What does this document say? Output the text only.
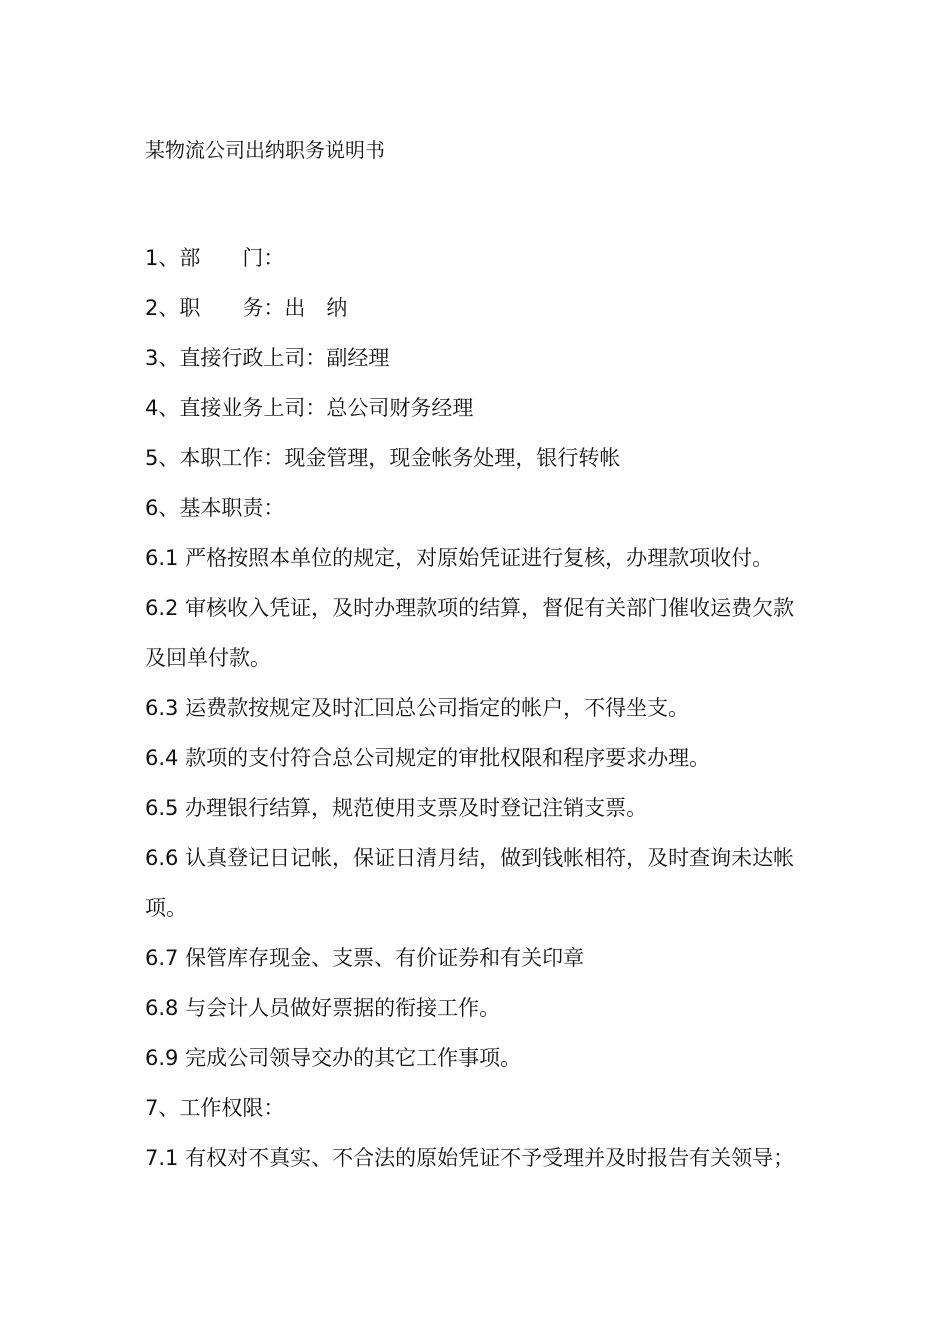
某物流公司出纳职务说明书
1、部　　门：
2、职　　务：出　纳
3、直接行政上司：副经理
4、直接业务上司：总公司财务经理
5、本职工作：现金管理，现金帐务处理，银行转帐
6、基本职责：
6.1 严格按照本单位的规定，对原始凭证进行复核，办理款项收付。
6.2 审核收入凭证，及时办理款项的结算，督促有关部门催收运费欠款及回单付款。
6.3 运费款按规定及时汇回总公司指定的帐户，不得坐支。
6.4 款项的支付符合总公司规定的审批权限和程序要求办理。
6.5 办理银行结算，规范使用支票及时登记注销支票。
6.6 认真登记日记帐，保证日清月结，做到钱帐相符，及时查询未达帐项。
6.7 保管库存现金、支票、有价证券和有关印章
6.8 与会计人员做好票据的衔接工作。
6.9 完成公司领导交办的其它工作事项。
7、工作权限：
7.1 有权对不真实、不合法的原始凭证不予受理并及时报告有关领导；
